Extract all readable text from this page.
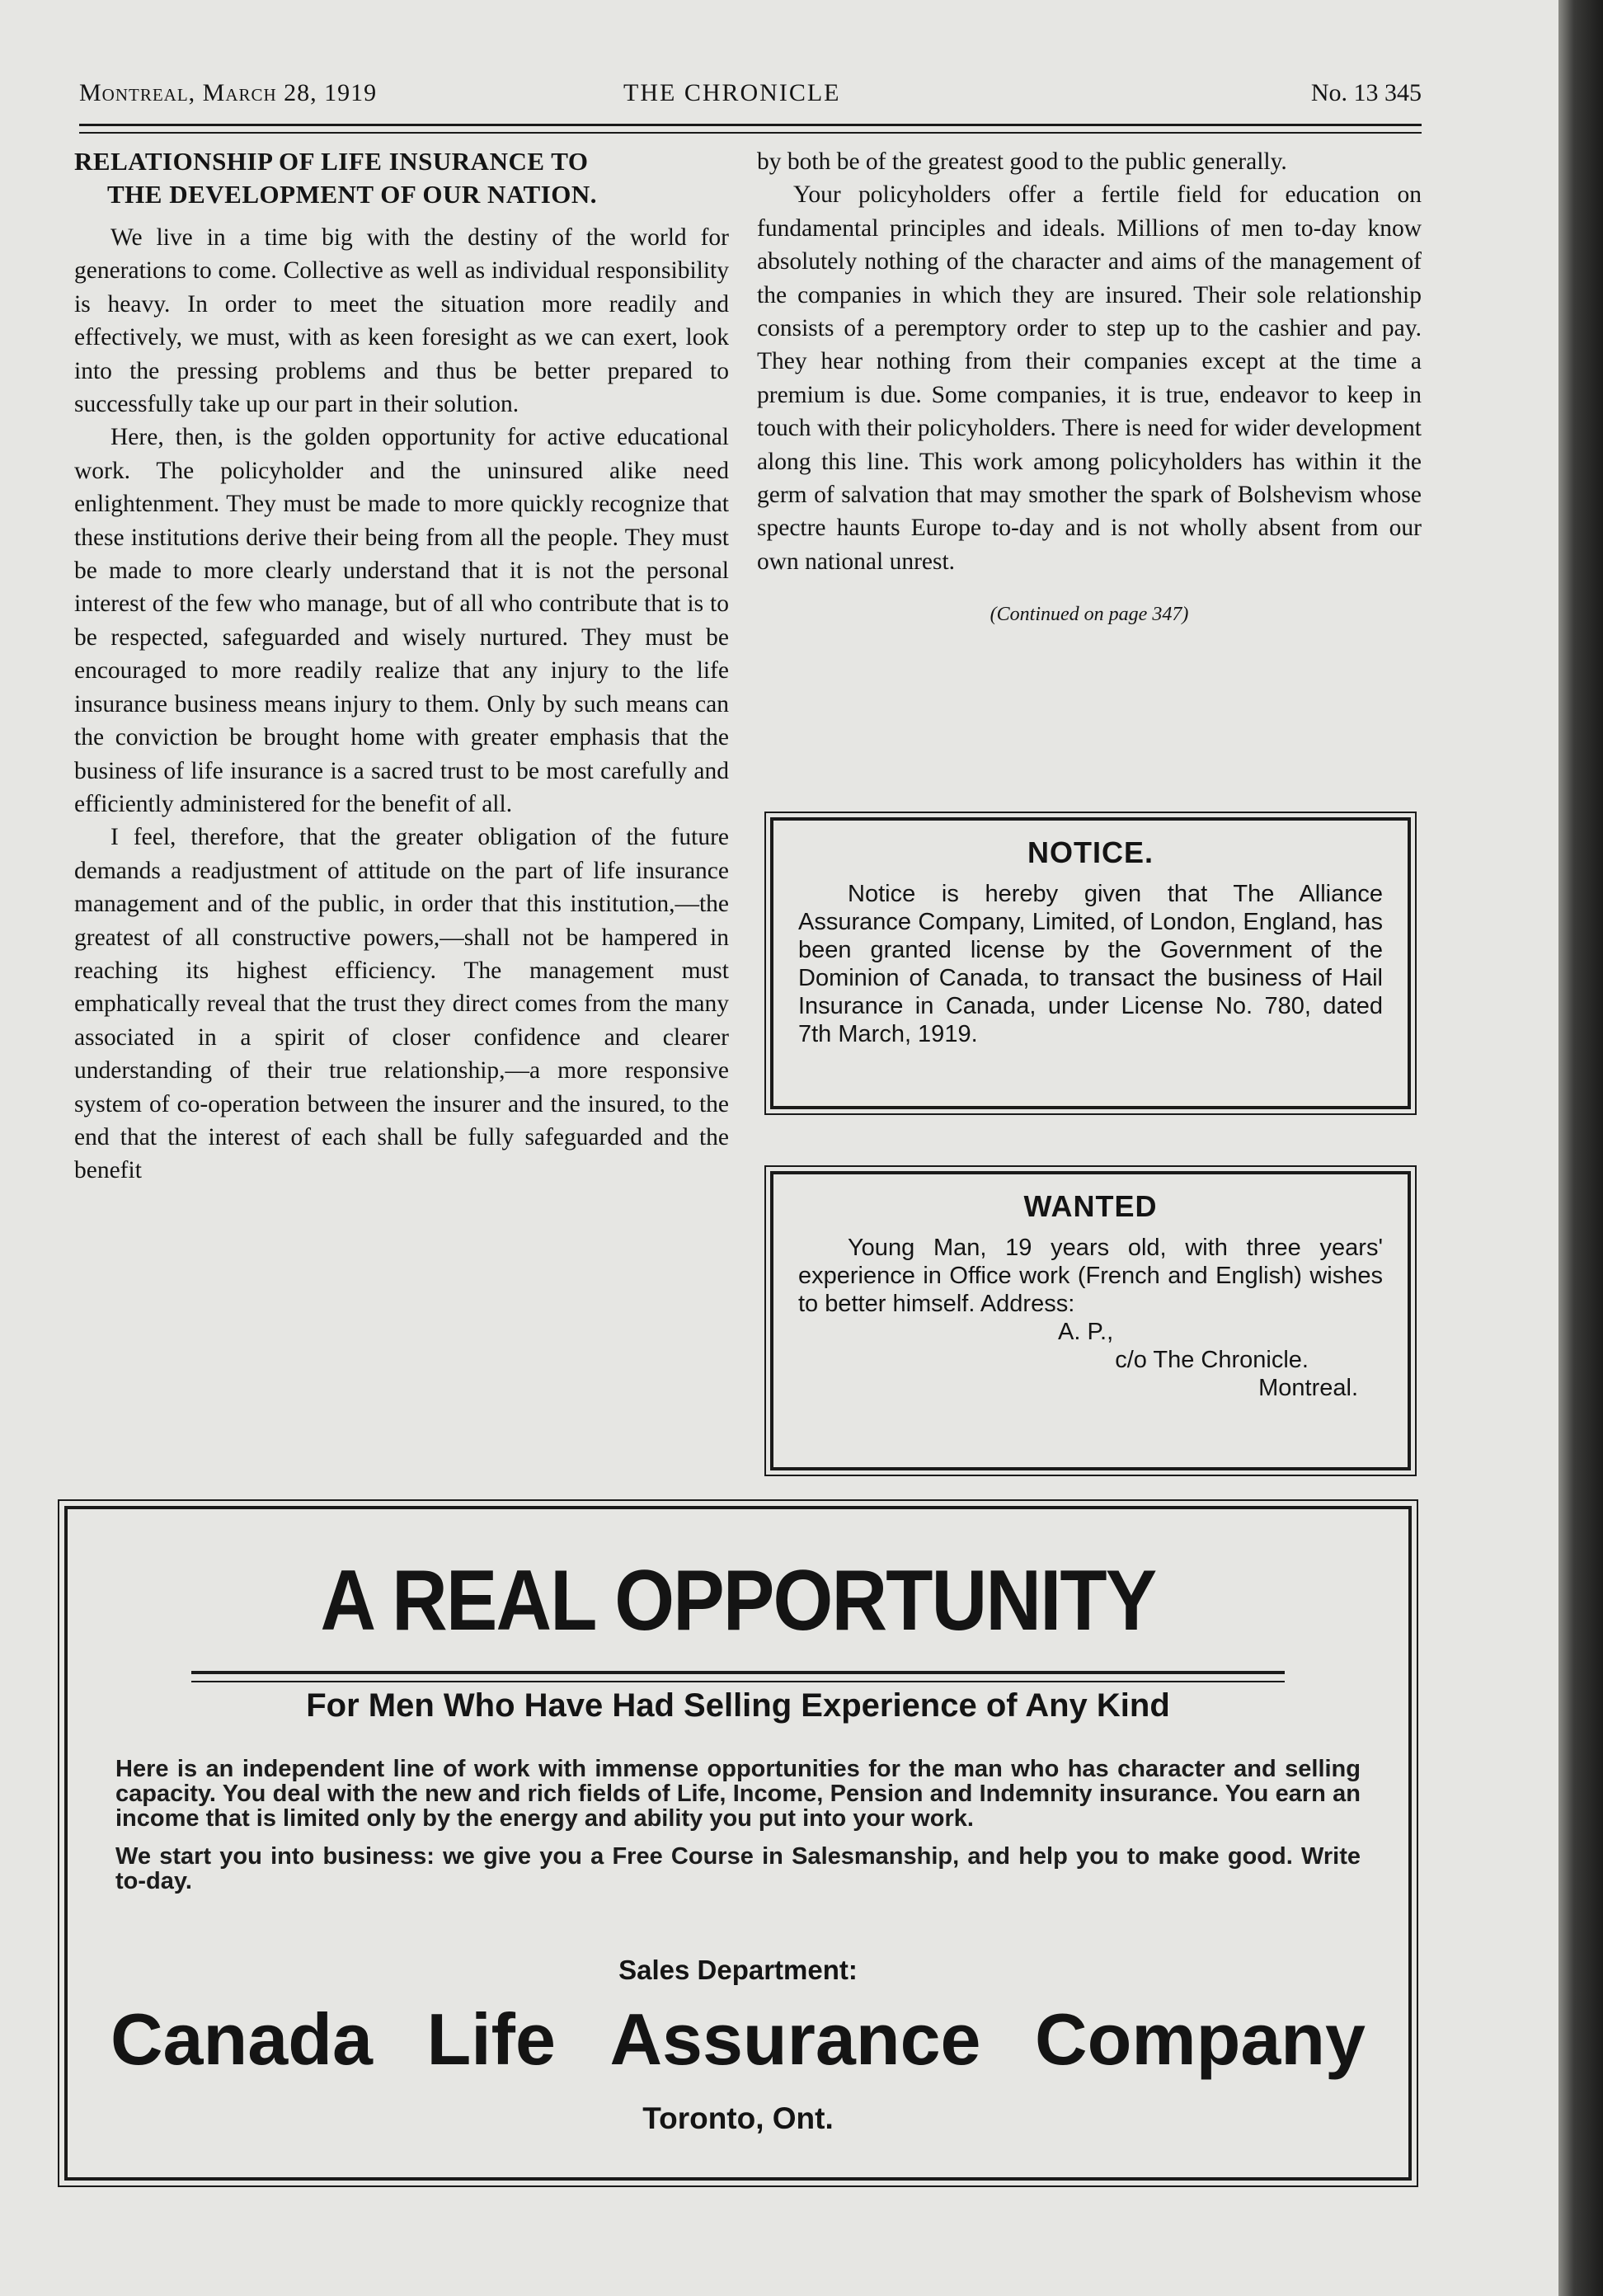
Montreal, March 28, 1919	THE CHRONICLE	No. 13 345
RELATIONSHIP OF LIFE INSURANCE TO
THE DEVELOPMENT OF OUR NATION.

We live in a time big with the destiny of the world for generations to come. Collective as well as individual responsibility is heavy. In order to meet the situation more readily and effectively, we must, with as keen foresight as we can exert, look into the pressing problems and thus be better prepared to successfully take up our part in their solution.

Here, then, is the golden opportunity for active educational work. The policyholder and the uninsured alike need enlightenment. They must be made to more quickly recognize that these institutions derive their being from all the people. They must be made to more clearly understand that it is not the personal interest of the few who manage, but of all who contribute that is to be respected, safeguarded and wisely nurtured. They must be encouraged to more readily realize that any injury to the life insurance business means injury to them. Only by such means can the conviction be brought home with greater emphasis that the business of life insurance is a sacred trust to be most carefully and efficiently administered for the benefit of all.

I feel, therefore, that the greater obligation of the future demands a readjustment of attitude on the part of life insurance management and of the public, in order that this institution,—the greatest of all constructive powers,—shall not be hampered in reaching its highest efficiency. The management must emphatically reveal that the trust they direct comes from the many associated in a spirit of closer confidence and clearer understanding of their true relationship,—a more responsive system of co-operation between the insurer and the insured, to the end that the interest of each shall be fully safeguarded and the benefit

by both be of the greatest good to the public generally.

Your policyholders offer a fertile field for education on fundamental principles and ideals. Millions of men to-day know absolutely nothing of the character and aims of the management of the companies in which they are insured. Their sole relationship consists of a peremptory order to step up to the cashier and pay. They hear nothing from their companies except at the time a premium is due. Some companies, it is true, endeavor to keep in touch with their policyholders. There is need for wider development along this line. This work among policyholders has within it the germ of salvation that may smother the spark of Bolshevism whose spectre haunts Europe to-day and is not wholly absent from our own national unrest.

(Continued on page 347)
NOTICE.

Notice is hereby given that The Alliance Assurance Company, Limited, of London, England, has been granted license by the Government of the Dominion of Canada, to transact the business of Hail Insurance in Canada, under License No. 780, dated 7th March, 1919.

WANTED

Young Man, 19 years old, with three years' experience in Office work (French and English) wishes to better himself. Address:

A. P.,
c/o The Chronicle.
Montreal.
A REAL OPPORTUNITY
For Men Who Have Had Selling Experience of Any Kind

Here is an independent line of work with immense opportunities for the man who has character and selling capacity. You deal with the new and rich fields of Life, Income, Pension and Indemnity insurance. You earn an income that is limited only by the energy and ability you put into your work.

We start you into business: we give you a Free Course in Salesmanship, and help you to make good. Write to-day.

Sales Department:
Canada Life Assurance Company
Toronto, Ont.
